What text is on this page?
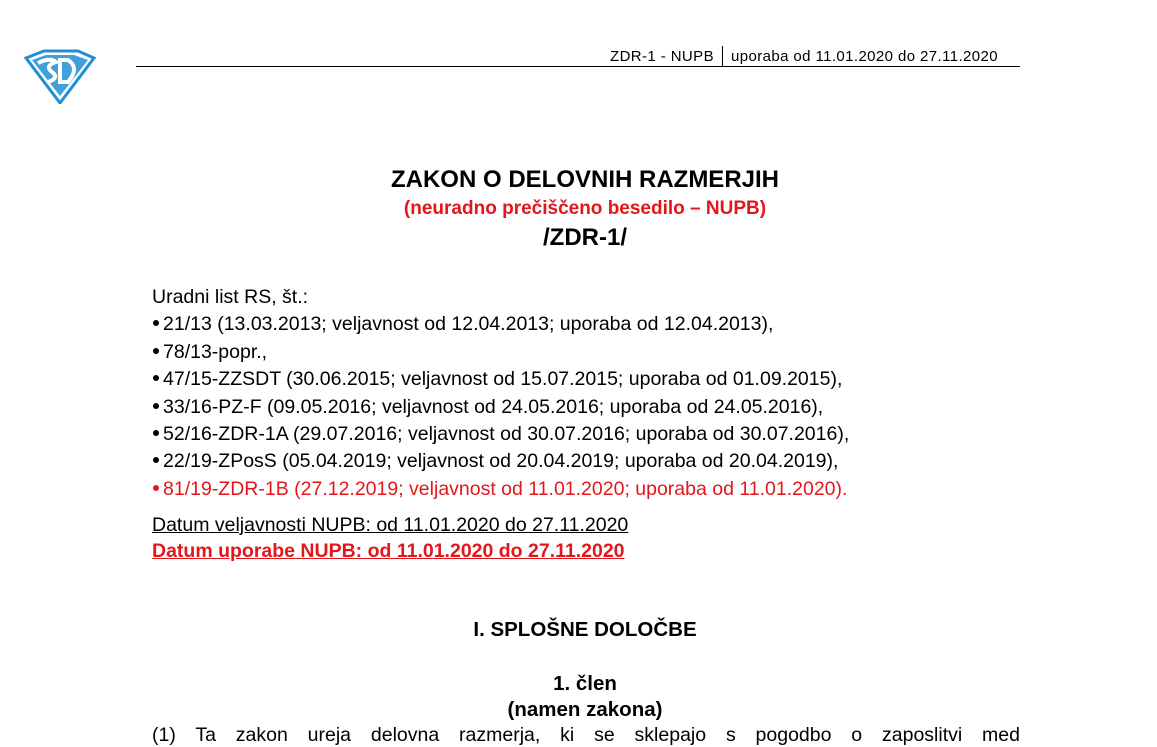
ZDR-1 - NUPB uporaba od 11.01.2020 do 27.11.2020
ZAKON O DELOVNIH RAZMERJIH
(neuradno prečiščeno besedilo – NUPB)
/ZDR-1/
Uradni list RS, št.:
21/13 (13.03.2013; veljavnost od 12.04.2013; uporaba od 12.04.2013),
78/13-popr.,
47/15-ZZSDT (30.06.2015; veljavnost od 15.07.2015; uporaba od 01.09.2015),
33/16-PZ-F (09.05.2016; veljavnost od 24.05.2016; uporaba od 24.05.2016),
52/16-ZDR-1A (29.07.2016; veljavnost od 30.07.2016; uporaba od 30.07.2016),
22/19-ZPosS (05.04.2019; veljavnost od 20.04.2019; uporaba od 20.04.2019),
81/19-ZDR-1B (27.12.2019; veljavnost od 11.01.2020; uporaba od 11.01.2020).
Datum veljavnosti NUPB: od 11.01.2020 do 27.11.2020
Datum uporabe NUPB: od 11.01.2020 do 27.11.2020
I. SPLOŠNE DOLOČBE
1. člen
(namen zakona)
(1) Ta zakon ureja delovna razmerja, ki se sklepajo s pogodbo o zaposlitvi med
